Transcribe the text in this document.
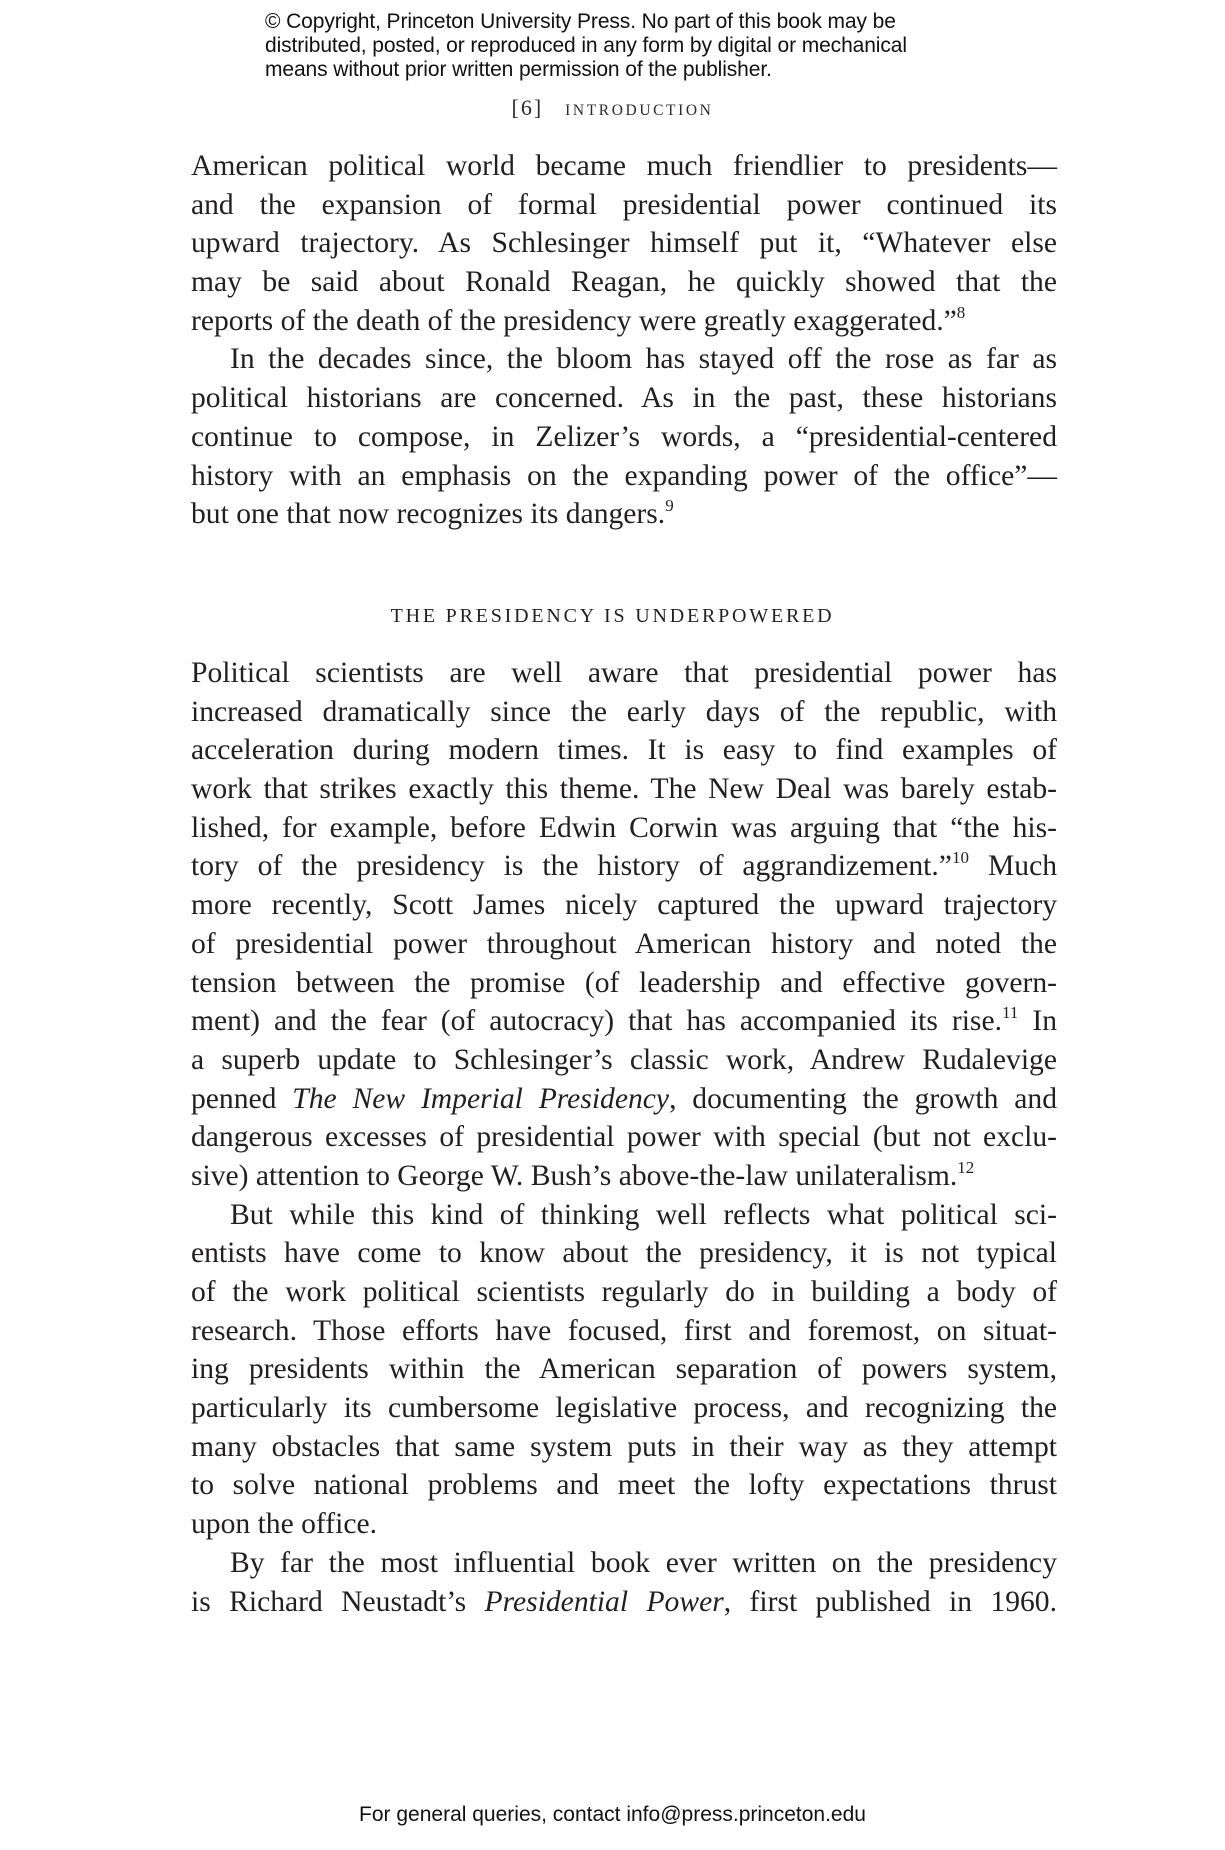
© Copyright, Princeton University Press. No part of this book may be
distributed, posted, or reproduced in any form by digital or mechanical
means without prior written permission of the publisher.
[6] INTRODUCTION
American political world became much friendlier to presidents—
and the expansion of formal presidential power continued its
upward trajectory. As Schlesinger himself put it, “Whatever else
may be said about Ronald Reagan, he quickly showed that the
reports of the death of the presidency were greatly exaggerated.”$^8$
In the decades since, the bloom has stayed off the rose as far as
political historians are concerned. As in the past, these historians
continue to compose, in Zelizer’s words, a “presidential-centered
history with an emphasis on the expanding power of the office”—
but one that now recognizes its dangers.$^9$
THE PRESIDENCY IS UNDERPOWERED
Political scientists are well aware that presidential power has
increased dramatically since the early days of the republic, with
acceleration during modern times. It is easy to find examples of
work that strikes exactly this theme. The New Deal was barely estab-
lished, for example, before Edwin Corwin was arguing that “the his-
tory of the presidency is the history of aggrandizement.”$^{10}$ Much
more recently, Scott James nicely captured the upward trajectory
of presidential power throughout American history and noted the
tension between the promise (of leadership and effective govern-
ment) and the fear (of autocracy) that has accompanied its rise.$^{11}$ In
a superb update to Schlesinger’s classic work, Andrew Rudalevige
penned The New Imperial Presidency, documenting the growth and
dangerous excesses of presidential power with special (but not exclu-
sive) attention to George W. Bush’s above-the-law unilateralism.$^{12}$
But while this kind of thinking well reflects what political sci-
entists have come to know about the presidency, it is not typical
of the work political scientists regularly do in building a body of
research. Those efforts have focused, first and foremost, on situat-
ing presidents within the American separation of powers system,
particularly its cumbersome legislative process, and recognizing the
many obstacles that same system puts in their way as they attempt
to solve national problems and meet the lofty expectations thrust
upon the office.
By far the most influential book ever written on the presidency
is Richard Neustadt’s Presidential Power, first published in 1960.
For general queries, contact info@press.princeton.edu
